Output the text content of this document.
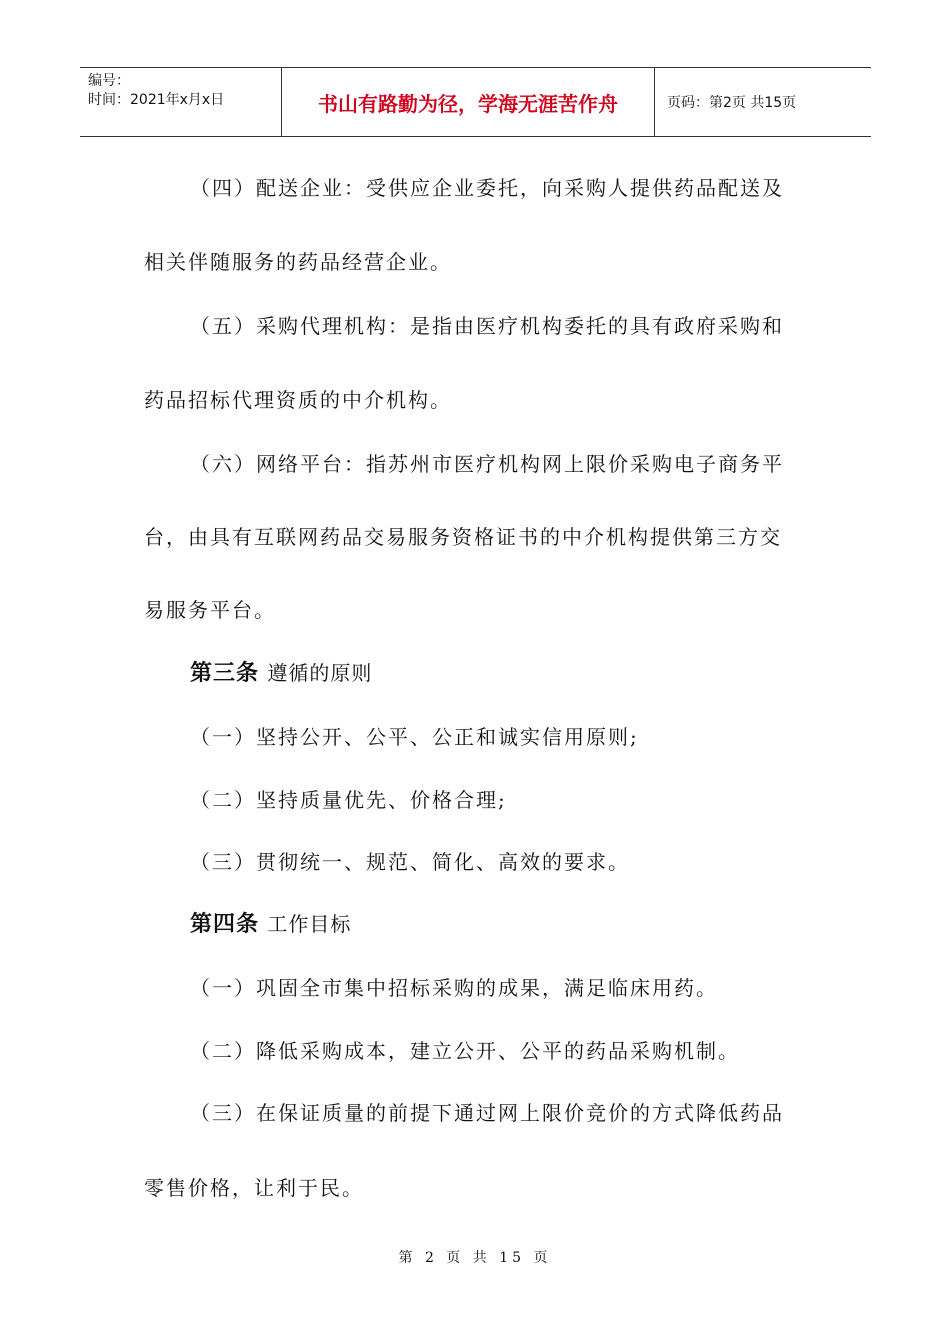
编号：
时间：2021年x月x日	书山有路勤为径，学海无涯苦作舟	页码：第2页 共15页
（四）配送企业：受供应企业委托，向采购人提供药品配送及
相关伴随服务的药品经营企业。
（五）采购代理机构：是指由医疗机构委托的具有政府采购和
药品招标代理资质的中介机构。
（六）网络平台：指苏州市医疗机构网上限价采购电子商务平
台，由具有互联网药品交易服务资格证书的中介机构提供第三方交
易服务平台。
第三条 遵循的原则
（一）坚持公开、公平、公正和诚实信用原则;
（二）坚持质量优先、价格合理;
（三）贯彻统一、规范、简化、高效的要求。
第四条 工作目标
（一）巩固全市集中招标采购的成果，满足临床用药。
（二）降低采购成本，建立公开、公平的药品采购机制。
（三）在保证质量的前提下通过网上限价竞价的方式降低药品
零售价格，让利于民。
第 2 页 共 15 页
